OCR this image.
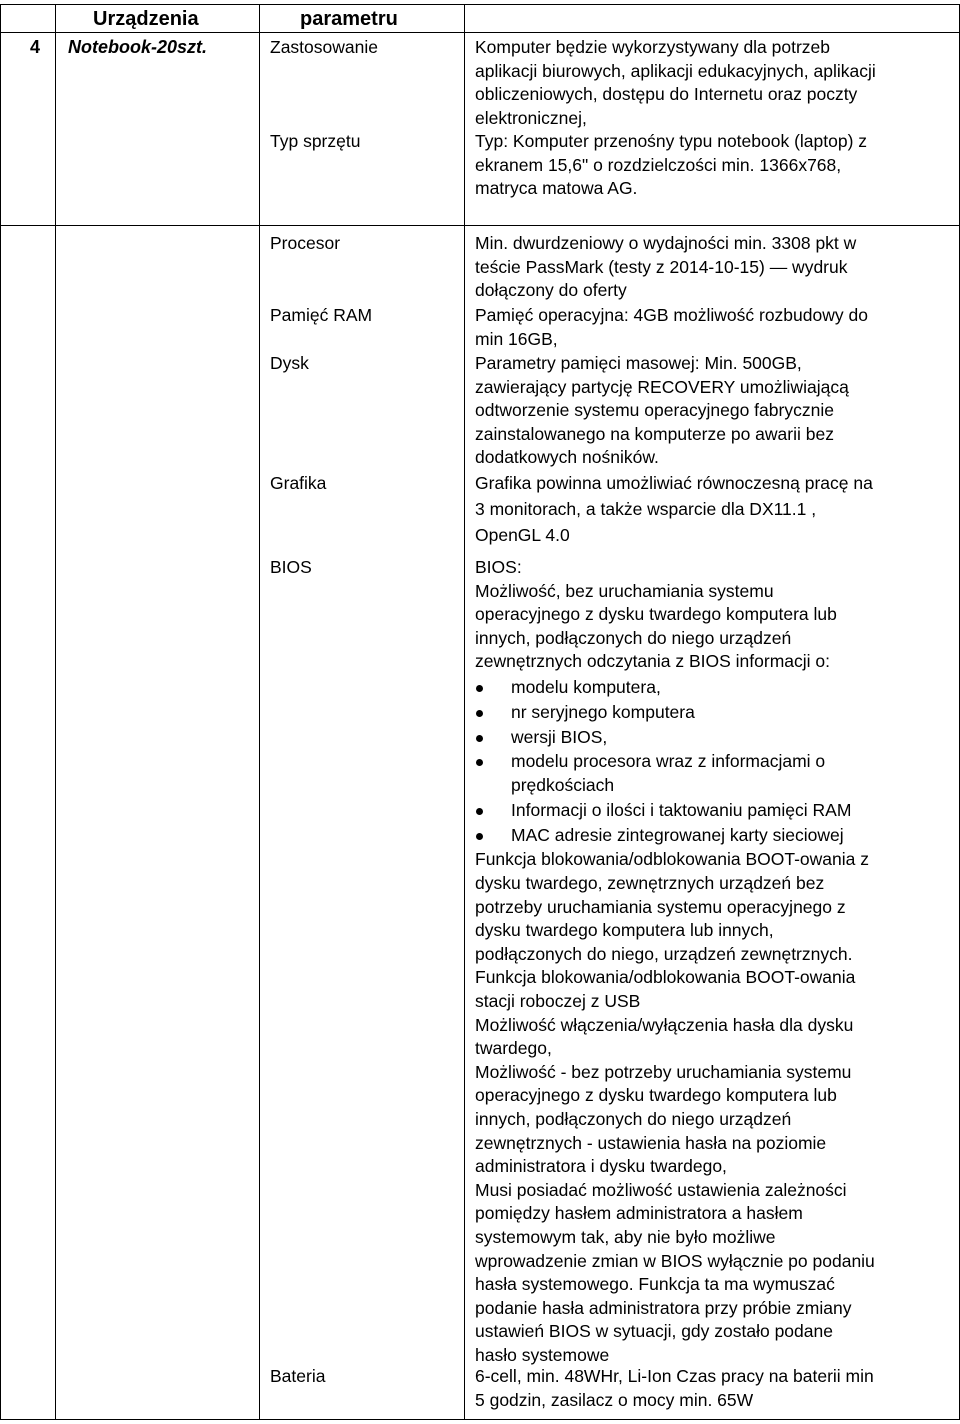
Urządzenia	parametru
4 Notebook-20szt.	Zastosowanie	Komputer będzie wykorzystywany dla potrzeb
aplikacji biurowych, aplikacji edukacyjnych, aplikacji
obliczeniowych, dostępu do Internetu oraz poczty
elektronicznej,
Typ sprzętu	Typ: Komputer przenośny typu notebook (laptop) z
ekranem 15,6" o rozdzielczości min. 1366x768,
matryca matowa AG.
Procesor	Min. dwurdzeniowy o wydajności min. 3308 pkt w
teście PassMark (testy z 2014-10-15) — wydruk
dołączony do oferty
Pamięć RAM	Pamięć operacyjna: 4GB możliwość rozbudowy do
min 16GB,
Dysk	Parametry pamięci masowej: Min. 500GB,
zawierający partycję RECOVERY umożliwiającą
odtworzenie systemu operacyjnego fabrycznie
zainstalowanego na komputerze po awarii bez
dodatkowych nośników.
Grafika	Grafika powinna umożliwiać równoczesną pracę na
3 monitorach, a także wsparcie dla DX11.1 ,
OpenGL 4.0
BIOS	BIOS:
Możliwość, bez uruchamiania systemu
operacyjnego z dysku twardego komputera lub
innych, podłączonych do niego urządzeń
zewnętrznych odczytania z BIOS informacji o:
modelu komputera,
nr seryjnego komputera
wersji BIOS,
modelu procesora wraz z informacjami o
prędkościach
Informacji o ilości i taktowaniu pamięci RAM
MAC adresie zintegrowanej karty sieciowej
Funkcja blokowania/odblokowania BOOT-owania z
dysku twardego, zewnętrznych urządzeń bez
potrzeby uruchamiania systemu operacyjnego z
dysku twardego komputera lub innych,
podłączonych do niego, urządzeń zewnętrznych.
Funkcja blokowania/odblokowania BOOT-owania
stacji roboczej z USB
Możliwość włączenia/wyłączenia hasła dla dysku
twardego,
Możliwość - bez potrzeby uruchamiania systemu
operacyjnego z dysku twardego komputera lub
innych, podłączonych do niego urządzeń
zewnętrznych - ustawienia hasła na poziomie
administratora i dysku twardego,
Musi posiadać możliwość ustawienia zależności
pomiędzy hasłem administratora a hasłem
systemowym tak, aby nie było możliwe
wprowadzenie zmian w BIOS wyłącznie po podaniu
hasła systemowego. Funkcja ta ma wymuszać
podanie hasła administratora przy próbie zmiany
ustawień BIOS w sytuacji, gdy zostało podane
hasło systemowe
Bateria	6-cell, min. 48WHr, Li-Ion Czas pracy na baterii min
5 godzin, zasilacz o mocy min. 65W
